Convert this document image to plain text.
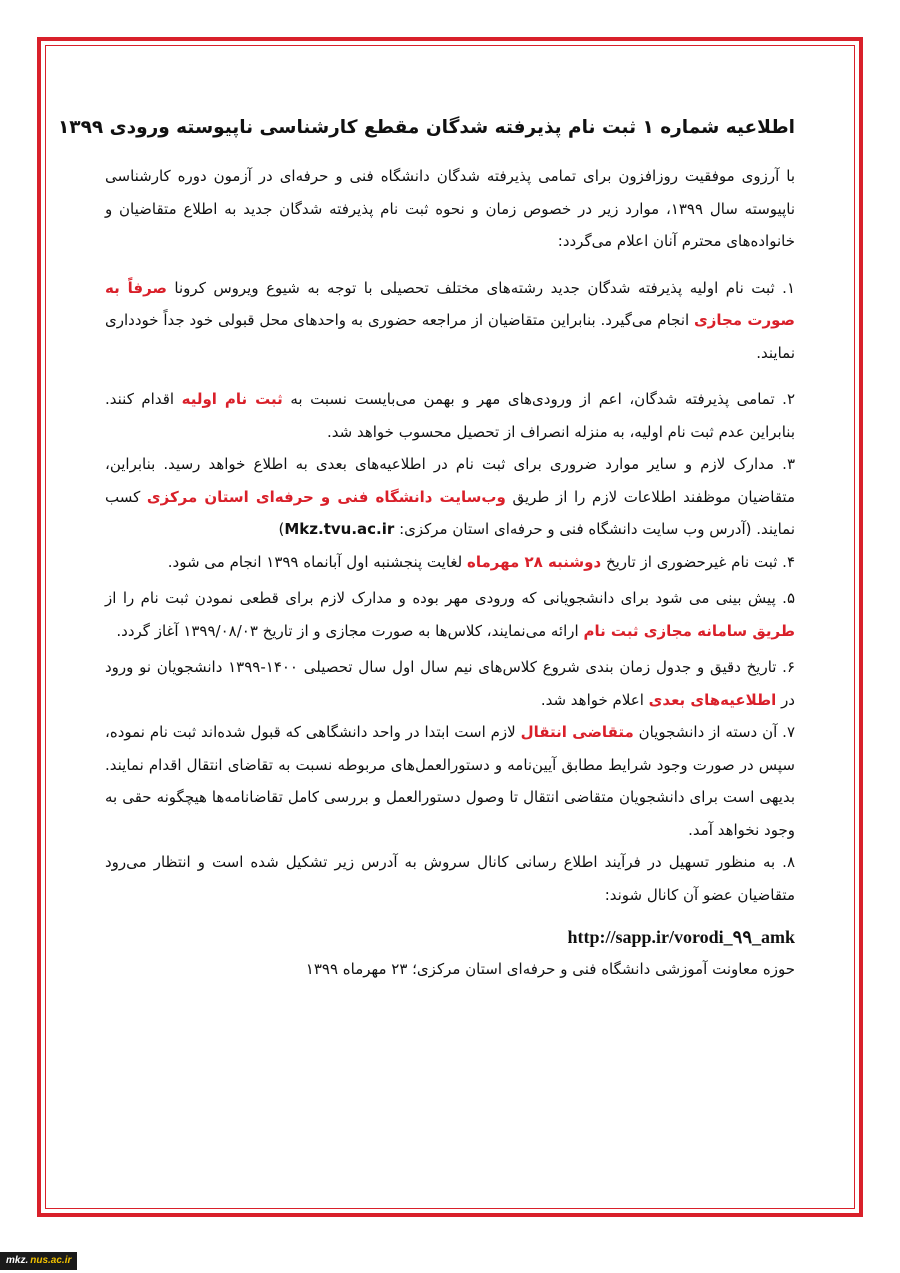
اطلاعیه شماره ۱ ثبت نام پذیرفته شدگان مقطع کارشناسی ناپیوسته ورودی ۱۳۹۹

با آرزوی موفقیت روزافزون برای تمامی پذیرفته شدگان دانشگاه فنی و حرفه‌ای در آزمون دوره کارشناسی ناپیوسته سال ۱۳۹۹، موارد زیر در خصوص زمان و نحوه ثبت نام پذیرفته شدگان جدید به اطلاع متقاضیان و خانواده‌های محترم آنان اعلام می‌گردد:

۱. ثبت نام اولیه پذیرفته شدگان جدید رشته‌های مختلف تحصیلی با توجه به شیوع ویروس کرونا صرفاً به صورت مجازی انجام می‌گیرد. بنابراین متقاضیان از مراجعه حضوری به واحدهای محل قبولی خود جداً خودداری نمایند.

۲. تمامی پذیرفته شدگان، اعم از ورودی‌های مهر و بهمن می‌بایست نسبت به ثبت نام اولیه اقدام کنند. بنابراین عدم ثبت نام اولیه، به منزله انصراف از تحصیل محسوب خواهد شد.

۳. مدارک لازم و سایر موارد ضروری برای ثبت نام در اطلاعیه‌های بعدی به اطلاع خواهد رسید. بنابراین، متقاضیان موظفند اطلاعات لازم را از طریق وب‌سایت دانشگاه فنی و حرفه‌ای استان مرکزی کسب نمایند. (آدرس وب سایت دانشگاه فنی و حرفه‌ای استان مرکزی: Mkz.tvu.ac.ir)

۴. ثبت نام غیرحضوری از تاریخ دوشنبه ۲۸ مهرماه لغایت پنجشنبه اول آبانماه ۱۳۹۹ انجام می شود.

۵. پیش بینی می شود برای دانشجویانی که ورودی مهر بوده و مدارک لازم برای قطعی نمودن ثبت نام را از طریق سامانه مجازی ثبت نام ارائه می‌نمایند، کلاس‌ها به صورت مجازی و از تاریخ ۱۳۹۹/۰۸/۰۳ آغاز گردد.

۶. تاریخ دقیق و جدول زمان بندی شروع کلاس‌های نیم سال اول سال تحصیلی ۱۴۰۰-۱۳۹۹ دانشجویان نو ورود در اطلاعیه‌های بعدی اعلام خواهد شد.

۷. آن دسته از دانشجویان متقاضی انتقال لازم است ابتدا در واحد دانشگاهی که قبول شده‌اند ثبت نام نموده، سپس در صورت وجود شرایط مطابق آیین‌نامه و دستورالعمل‌های مربوطه نسبت به تقاضای انتقال اقدام نمایند. بدیهی است برای دانشجویان متقاضی انتقال تا وصول دستورالعمل و بررسی کامل تقاضانامه‌ها هیچگونه حقی به وجود نخواهد آمد.

۸. به منظور تسهیل در فرآیند اطلاع رسانی کانال سروش به آدرس زیر تشکیل شده است و انتظار می‌رود متقاضیان عضو آن کانال شوند:

http://sapp.ir/vorodi_۹۹_amk

حوزه معاونت آموزشی دانشگاه فنی و حرفه‌ای استان مرکزی؛ ۲۳ مهرماه ۱۳۹۹

mkz. nus.ac.ir
